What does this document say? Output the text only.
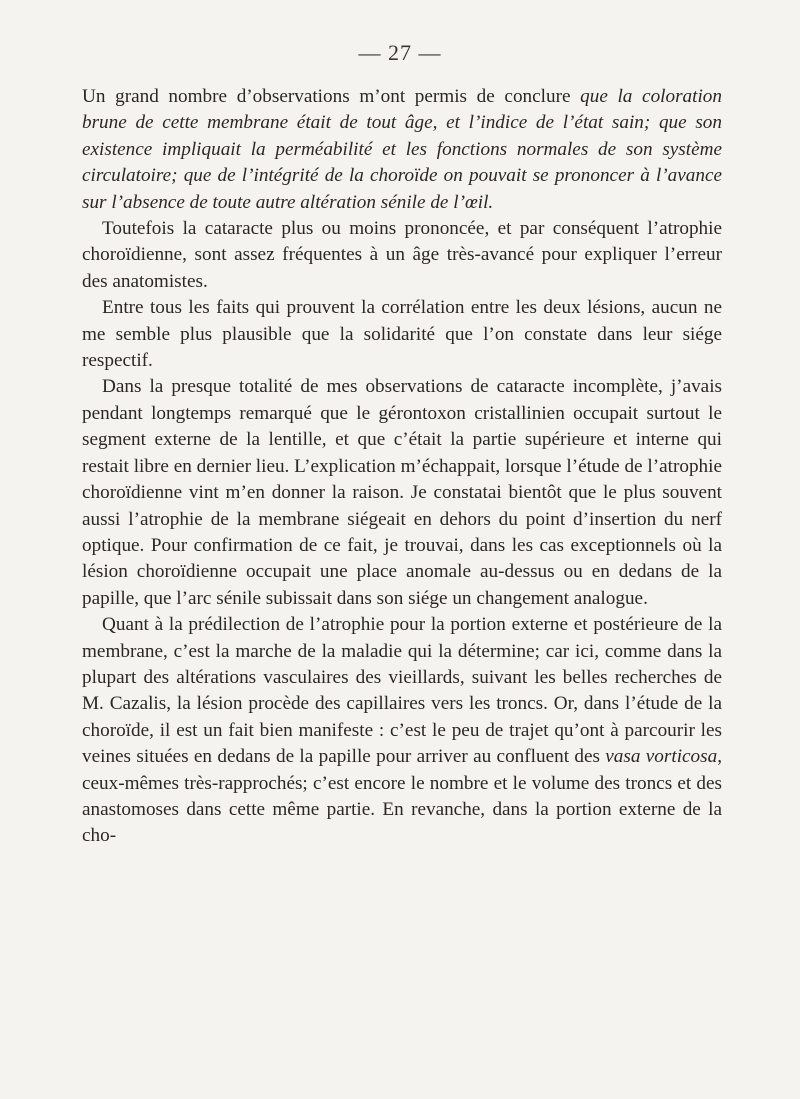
— 27 —

Un grand nombre d’observations m’ont permis de conclure que la coloration brune de cette membrane était de tout âge, et l’indice de l’état sain; que son existence impliquait la perméabilité et les fonctions normales de son système circulatoire; que de l’intégrité de la choroïde on pouvait se prononcer à l’avance sur l’absence de toute autre altération sénile de l’œil.

Toutefois la cataracte plus ou moins prononcée, et par conséquent l’atrophie choroïdienne, sont assez fréquentes à un âge très-avancé pour expliquer l’erreur des anatomistes.

Entre tous les faits qui prouvent la corrélation entre les deux lésions, aucun ne me semble plus plausible que la solidarité que l’on constate dans leur siége respectif.

Dans la presque totalité de mes observations de cataracte incomplète, j’avais pendant longtemps remarqué que le gérontoxon cristallinien occupait surtout le segment externe de la lentille, et que c’était la partie supérieure et interne qui restait libre en dernier lieu. L’explication m’échappait, lorsque l’étude de l’atrophie choroïdienne vint m’en donner la raison. Je constatai bientôt que le plus souvent aussi l’atrophie de la membrane siégeait en dehors du point d’insertion du nerf optique. Pour confirmation de ce fait, je trouvai, dans les cas exceptionnels où la lésion choroïdienne occupait une place anomale au-dessus ou en dedans de la papille, que l’arc sénile subissait dans son siége un changement analogue.

Quant à la prédilection de l’atrophie pour la portion externe et postérieure de la membrane, c’est la marche de la maladie qui la détermine; car ici, comme dans la plupart des altérations vasculaires des vieillards, suivant les belles recherches de M. Cazalis, la lésion procède des capillaires vers les troncs. Or, dans l’étude de la choroïde, il est un fait bien manifeste : c’est le peu de trajet qu’ont à parcourir les veines situées en dedans de la papille pour arriver au confluent des vasa vorticosa, ceux-mêmes très-rapprochés; c’est encore le nombre et le volume des troncs et des anastomoses dans cette même partie. En revanche, dans la portion externe de la cho-
